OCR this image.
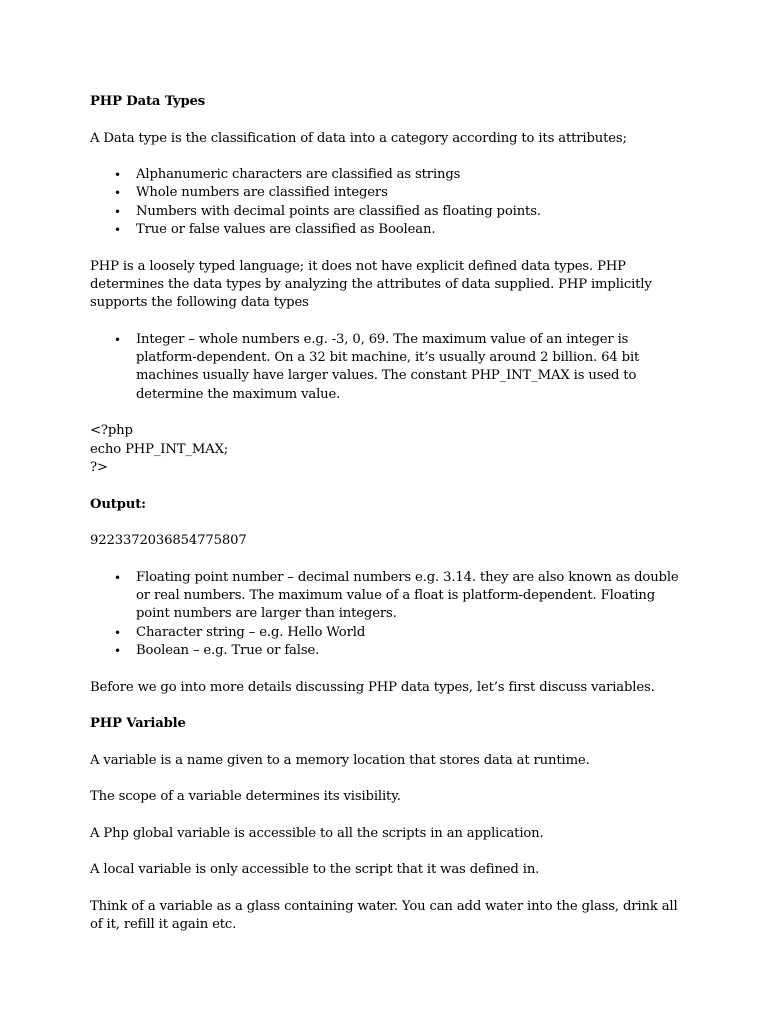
PHP Data Types
A Data type is the classification of data into a category according to its attributes;
• Alphanumeric characters are classified as strings
• Whole numbers are classified integers
• Numbers with decimal points are classified as floating points.
• True or false values are classified as Boolean.
PHP is a loosely typed language; it does not have explicit defined data types. PHP determines the data types by analyzing the attributes of data supplied. PHP implicitly supports the following data types
• Integer – whole numbers e.g. -3, 0, 69. The maximum value of an integer is platform-dependent. On a 32 bit machine, it’s usually around 2 billion. 64 bit machines usually have larger values. The constant PHP_INT_MAX is used to determine the maximum value.
<?php
echo PHP_INT_MAX;
?>
Output:
9223372036854775807
• Floating point number – decimal numbers e.g. 3.14. they are also known as double or real numbers. The maximum value of a float is platform-dependent. Floating point numbers are larger than integers.
• Character string – e.g. Hello World
• Boolean – e.g. True or false.
Before we go into more details discussing PHP data types, let’s first discuss variables.
PHP Variable
A variable is a name given to a memory location that stores data at runtime.
The scope of a variable determines its visibility.
A Php global variable is accessible to all the scripts in an application.
A local variable is only accessible to the script that it was defined in.
Think of a variable as a glass containing water. You can add water into the glass, drink all of it, refill it again etc.
